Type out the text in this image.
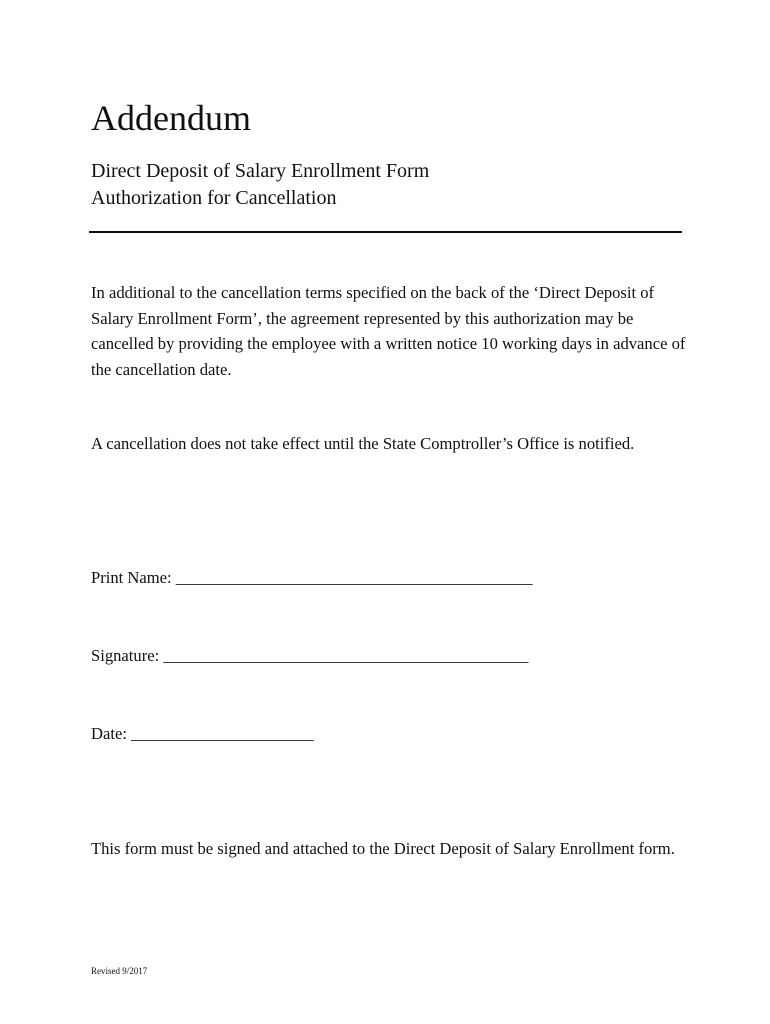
Addendum

Direct Deposit of Salary Enrollment Form

Authorization for Cancellation

In additional to the cancellation terms specified on the back of the ‘Direct Deposit of Salary Enrollment Form’, the agreement represented by this authorization may be cancelled by providing the employee with a written notice 10 working days in advance of the cancellation date.

A cancellation does not take effect until the State Comptroller’s Office is notified.

Print Name: ___________________________________________

Signature: ____________________________________________

Date: ______________________

This form must be signed and attached to the Direct Deposit of Salary Enrollment form.

Revised 9/2017
